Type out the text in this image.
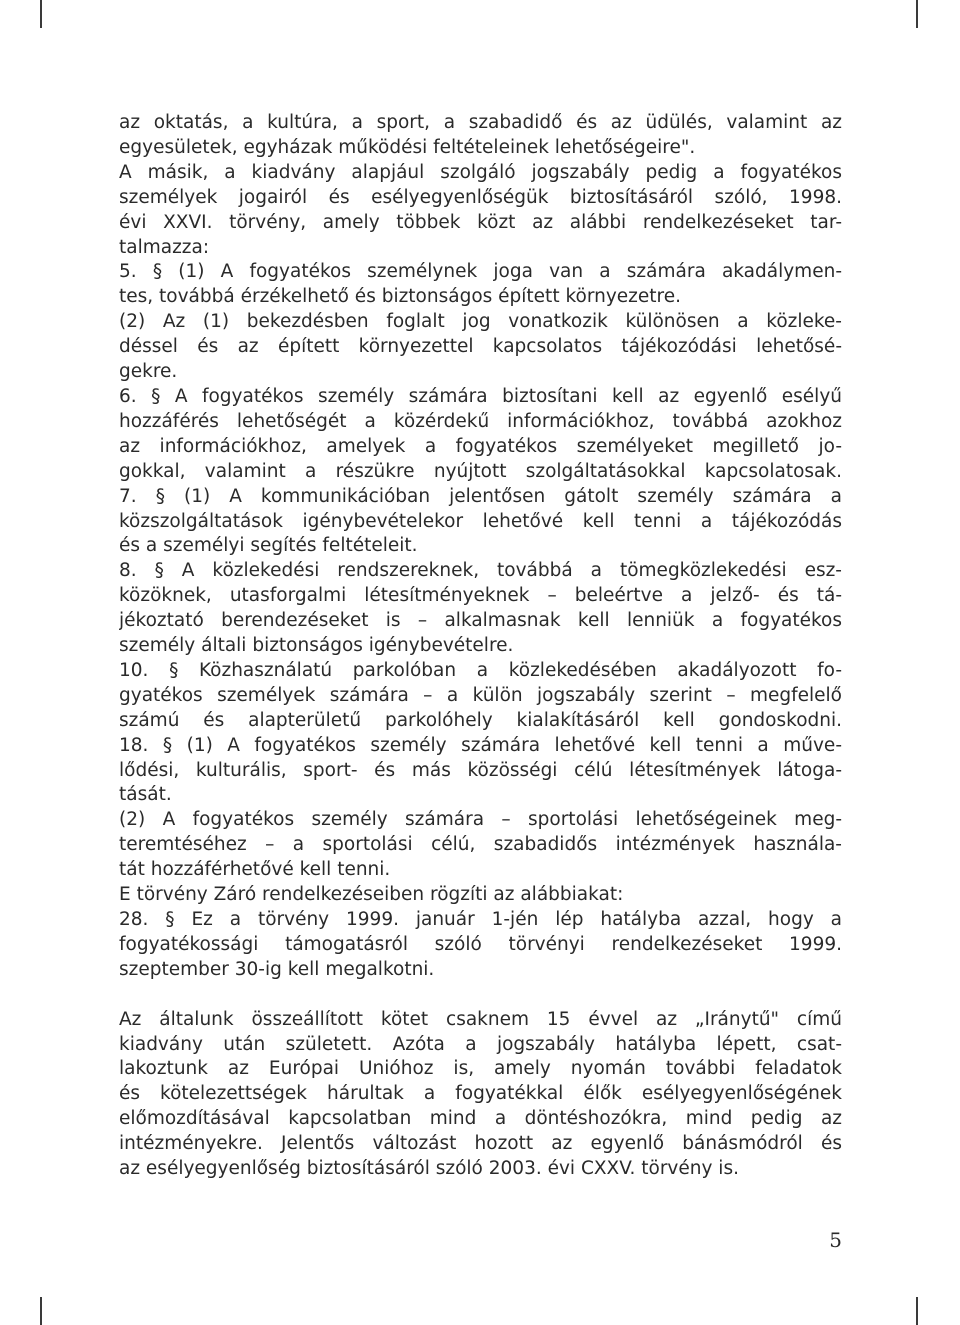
az oktatás, a kultúra, a sport, a szabadidő és az üdülés, valamint az
egyesületek, egyházak működési feltételeinek lehetőségeire".
A másik, a kiadvány alapjául szolgáló jogszabály pedig a fogyatékos
személyek jogairól és esélyegyenlőségük biztosításáról szóló, 1998.
évi XXVI. törvény, amely többek közt az alábbi rendelkezéseket tar-
talmazza:
5. § (1) A fogyatékos személynek joga van a számára akadálymen-
tes, továbbá érzékelhető és biztonságos épített környezetre.
(2) Az (1) bekezdésben foglalt jog vonatkozik különösen a közleke-
déssel és az épített környezettel kapcsolatos tájékozódási lehetősé-
gekre.
6. § A fogyatékos személy számára biztosítani kell az egyenlő esélyű
hozzáférés lehetőségét a közérdekű információkhoz, továbbá azokhoz
az információkhoz, amelyek a fogyatékos személyeket megillető jo-
gokkal, valamint a részükre nyújtott szolgáltatásokkal kapcsolatosak.
7. § (1) A kommunikációban jelentősen gátolt személy számára a
közszolgáltatások igénybevételekor lehetővé kell tenni a tájékozódás
és a személyi segítés feltételeit.
8. § A közlekedési rendszereknek, továbbá a tömegközlekedési esz-
közöknek, utasforgalmi létesítményeknek – beleértve a jelző- és tá-
jékoztató berendezéseket is – alkalmasnak kell lenniük a fogyatékos
személy általi biztonságos igénybevételre.
10. § Közhasználatú parkolóban a közlekedésében akadályozott fo-
gyatékos személyek számára – a külön jogszabály szerint – megfelelő
számú és alapterületű parkolóhely kialakításáról kell gondoskodni.
18. § (1) A fogyatékos személy számára lehetővé kell tenni a műve-
lődési, kulturális, sport- és más közösségi célú létesítmények látoga-
tását.
(2) A fogyatékos személy számára – sportolási lehetőségeinek meg-
teremtéséhez – a sportolási célú, szabadidős intézmények használa-
tát hozzáférhetővé kell tenni.
E törvény Záró rendelkezéseiben rögzíti az alábbiakat:
28. § Ez a törvény 1999. január 1-jén lép hatályba azzal, hogy a
fogyatékossági támogatásról szóló törvényi rendelkezéseket 1999.
szeptember 30-ig kell megalkotni.
Az általunk összeállított kötet csaknem 15 évvel az „Iránytű" című
kiadvány után született. Azóta a jogszabály hatályba lépett, csat-
lakoztunk az Európai Unióhoz is, amely nyomán további feladatok
és kötelezettségek hárultak a fogyatékkal élők esélyegyenlőségének
előmozdításával kapcsolatban mind a döntéshozókra, mind pedig az
intézményekre. Jelentős változást hozott az egyenlő bánásmódról és
az esélyegyenlőség biztosításáról szóló 2003. évi CXXV. törvény is.
5
